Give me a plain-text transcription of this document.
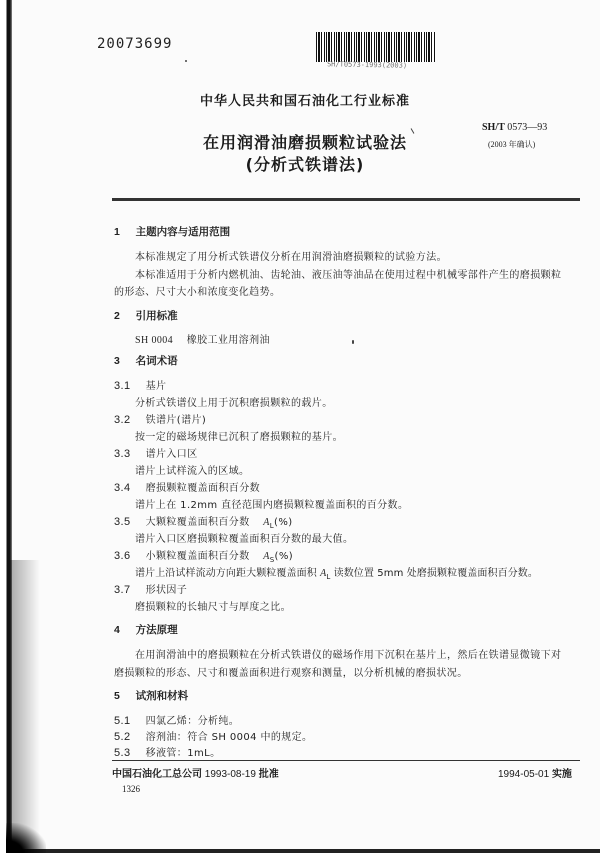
20073699
SH/T0573-1993(2003)
中华人民共和国石油化工行业标准
SH/T 0573—93
(2003 年确认)
在用润滑油磨损颗粒试验法
(分析式铁谱法)
1 主题内容与适用范围
本标准规定了用分析式铁谱仪分析在用润滑油磨损颗粒的试验方法。
本标准适用于分析内燃机油、齿轮油、液压油等油品在使用过程中机械零部件产生的磨损颗粒
的形态、尺寸大小和浓度变化趋势。
2 引用标准
SH 0004 橡胶工业用溶剂油
3 名词术语
3.1 基片
分析式铁谱仪上用于沉积磨损颗粒的载片。
3.2 铁谱片(谱片)
按一定的磁场规律已沉积了磨损颗粒的基片。
3.3 谱片入口区
谱片上试样流入的区域。
3.4 磨损颗粒覆盖面积百分数
谱片上在 1.2mm 直径范围内磨损颗粒覆盖面积的百分数。
3.5 大颗粒覆盖面积百分数 $A_L(\%)$
谱片入口区磨损颗粒覆盖面积百分数的最大值。
3.6 小颗粒覆盖面积百分数 $A_S(\%)$
谱片上沿试样流动方向距大颗粒覆盖面积 $A_L$ 读数位置 5mm 处磨损颗粒覆盖面积百分数。
3.7 形状因子
磨损颗粒的长轴尺寸与厚度之比。
4 方法原理
在用润滑油中的磨损颗粒在分析式铁谱仪的磁场作用下沉积在基片上，然后在铁谱显微镜下对
磨损颗粒的形态、尺寸和覆盖面积进行观察和测量，以分析机械的磨损状况。
5 试剂和材料
5.1 四氯乙烯：分析纯。
5.2 溶剂油：符合 SH 0004 中的规定。
5.3 移液管：1mL。
中国石油化工总公司 1993-08-19 批准	1994-05-01 实施
1326
